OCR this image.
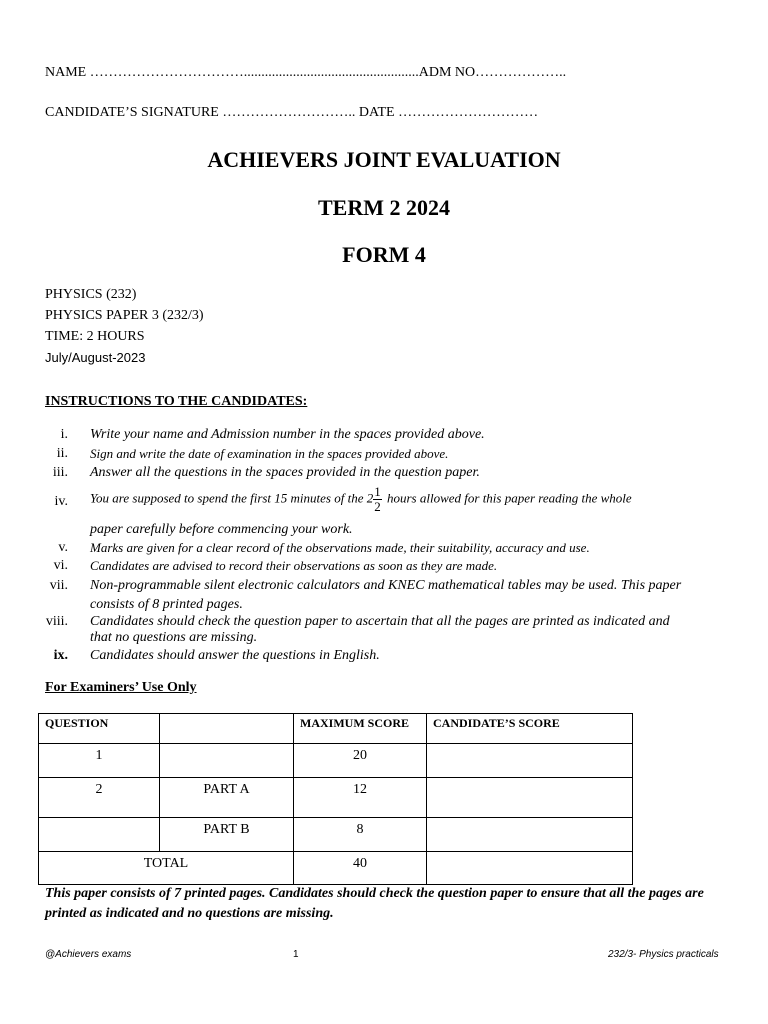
NAME ……………………………..................................................ADM NO………………..
CANDIDATE’S SIGNATURE ……………………….. DATE …………………………
ACHIEVERS JOINT EVALUATION
TERM 2 2024
FORM 4
PHYSICS (232)
PHYSICS PAPER 3 (232/3)
TIME: 2 HOURS
July/August-2023
INSTRUCTIONS TO THE CANDIDATES:
i. Write your name and Admission number in the spaces provided above.
ii. Sign and write the date of examination in the spaces provided above.
iii. Answer all the questions in the spaces provided in the question paper.
iv. You are supposed to spend the first 15 minutes of the $2 \frac{1}{2}$ hours allowed for this paper reading the whole
paper carefully before commencing your work.
v. Marks are given for a clear record of the observations made, their suitability, accuracy and use.
vi. Candidates are advised to record their observations as soon as they are made.
vii. Non-programmable silent electronic calculators and KNEC mathematical tables may be used. This paper
consists of 8 printed pages.
viii. Candidates should check the question paper to ascertain that all the pages are printed as indicated and
that no questions are missing.
ix. Candidates should answer the questions in English.
For Examiners’ Use Only
QUESTION		MAXIMUM SCORE	CANDIDATE’S SCORE
1		20	
2	PART A	12	
	PART B	8	
TOTAL		40	
This paper consists of 7 printed pages. Candidates should check the question paper to ensure that all the pages are printed as indicated and no questions are missing.
@Achievers exams	1	232/3- Physics practicals
